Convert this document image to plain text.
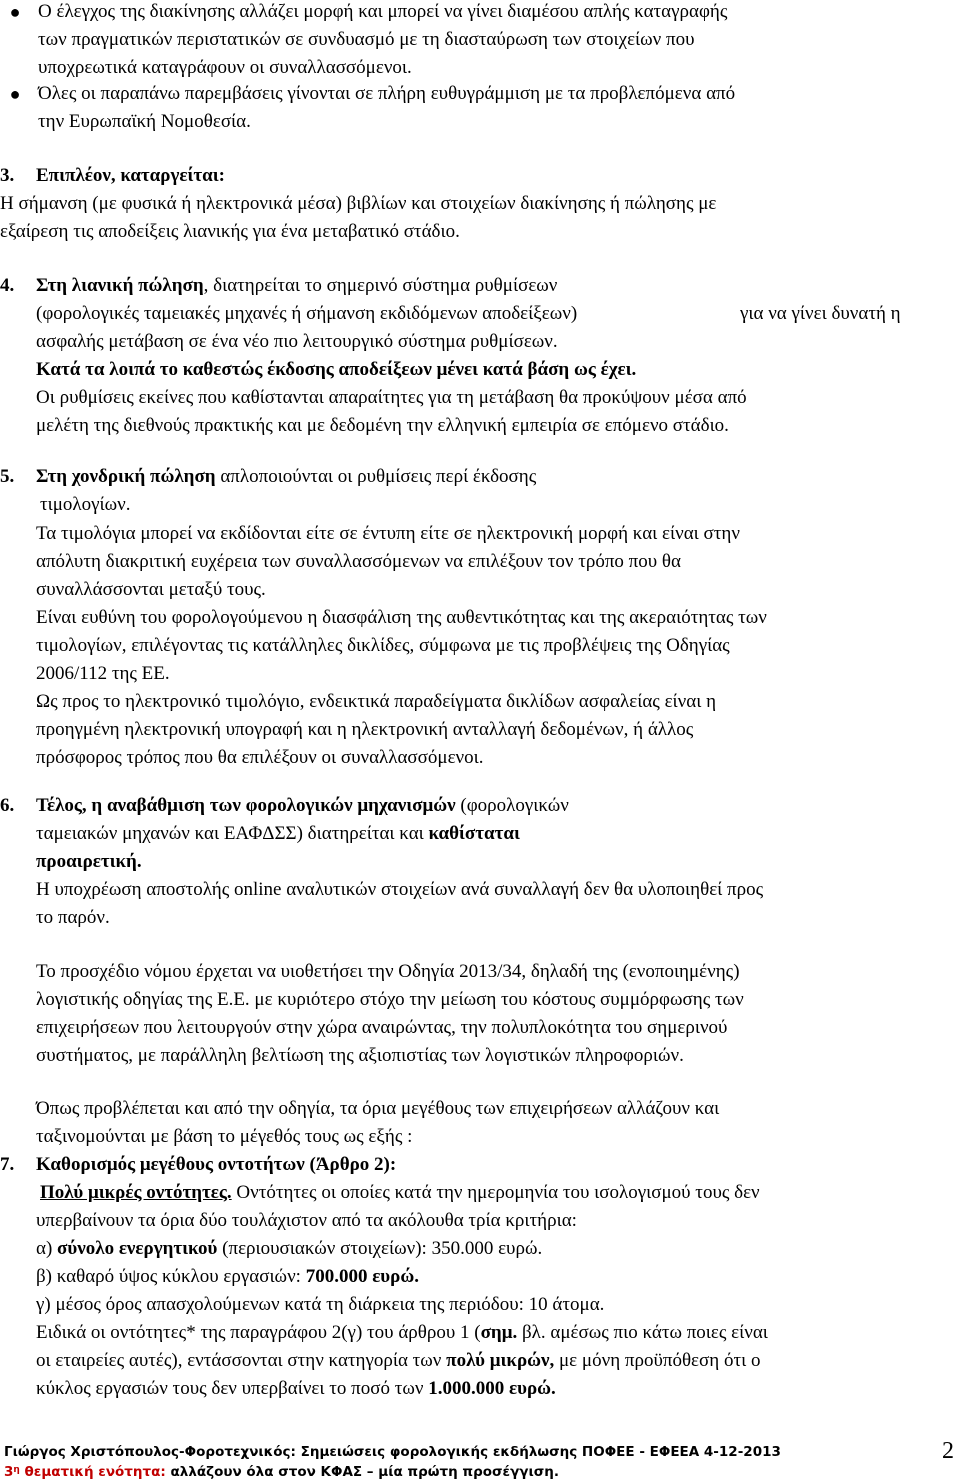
● Ο έλεγχος της διακίνησης αλλάζει μορφή και μπορεί να γίνει διαμέσου απλής καταγραφής
των πραγματικών περιστατικών σε συνδυασμό με τη διασταύρωση των στοιχείων που
υποχρεωτικά καταγράφουν οι συναλλασσόμενοι.
● Όλες οι παραπάνω παρεμβάσεις γίνονται σε πλήρη ευθυγράμμιση με τα προβλεπόμενα από
την Ευρωπαϊκή Νομοθεσία.
3. Επιπλέον, καταργείται:
Η σήμανση (με φυσικά ή ηλεκτρονικά μέσα) βιβλίων και στοιχείων διακίνησης ή πώλησης με
εξαίρεση τις αποδείξεις λιανικής για ένα μεταβατικό στάδιο.
4. Στη λιανική πώληση, διατηρείται το σημερινό σύστημα ρυθμίσεων
(φορολογικές ταμειακές μηχανές ή σήμανση εκδιδόμενων αποδείξεων)	για να γίνει δυνατή η
ασφαλής μετάβαση σε ένα νέο πιο λειτουργικό σύστημα ρυθμίσεων.
Κατά τα λοιπά το καθεστώς έκδοσης αποδείξεων μένει κατά βάση ως έχει.
Οι ρυθμίσεις εκείνες που καθίστανται απαραίτητες για τη μετάβαση θα προκύψουν μέσα από
μελέτη της διεθνούς πρακτικής και με δεδομένη την ελληνική εμπειρία σε επόμενο στάδιο.
5. Στη χονδρική πώληση απλοποιούνται οι ρυθμίσεις περί έκδοσης
τιμολογίων.
Τα τιμολόγια μπορεί να εκδίδονται είτε σε έντυπη είτε σε ηλεκτρονική μορφή και είναι στην
απόλυτη διακριτική ευχέρεια των συναλλασσόμενων να επιλέξουν τον τρόπο που θα
συναλλάσσονται μεταξύ τους.
Είναι ευθύνη του φορολογούμενου η διασφάλιση της αυθεντικότητας και της ακεραιότητας των
τιμολογίων, επιλέγοντας τις κατάλληλες δικλίδες, σύμφωνα με τις προβλέψεις της Οδηγίας
2006/112 της ΕΕ.
Ως προς το ηλεκτρονικό τιμολόγιο, ενδεικτικά παραδείγματα δικλίδων ασφαλείας είναι η
προηγμένη ηλεκτρονική υπογραφή και η ηλεκτρονική ανταλλαγή δεδομένων, ή άλλος
πρόσφορος τρόπος που θα επιλέξουν οι συναλλασσόμενοι.
6. Τέλος, η αναβάθμιση των φορολογικών μηχανισμών (φορολογικών
ταμειακών μηχανών και ΕΑΦΔΣΣ) διατηρείται και καθίσταται
προαιρετική.
Η υποχρέωση αποστολής online αναλυτικών στοιχείων ανά συναλλαγή δεν θα υλοποιηθεί προς
το παρόν.
Το προσχέδιο νόμου έρχεται να υιοθετήσει την Οδηγία 2013/34, δηλαδή της (ενοποιημένης)
λογιστικής οδηγίας της Ε.Ε. με κυριότερο στόχο την μείωση του κόστους συμμόρφωσης των
επιχειρήσεων που λειτουργούν στην χώρα αναιρώντας, την πολυπλοκότητα του σημερινού
συστήματος, με παράλληλη βελτίωση της αξιοπιστίας των λογιστικών πληροφοριών.
Όπως προβλέπεται και από την οδηγία, τα όρια μεγέθους των επιχειρήσεων αλλάζουν και
ταξινομούνται με βάση το μέγεθός τους ως εξής :
7. Καθορισμός μεγέθους οντοτήτων (Άρθρο 2):
Πολύ μικρές οντότητες. Οντότητες οι οποίες κατά την ημερομηνία του ισολογισμού τους δεν
υπερβαίνουν τα όρια δύο τουλάχιστον από τα ακόλουθα τρία κριτήρια:
α) σύνολο ενεργητικού (περιουσιακών στοιχείων): 350.000 ευρώ.
β) καθαρό ύψος κύκλου εργασιών: 700.000 ευρώ.
γ) μέσος όρος απασχολούμενων κατά τη διάρκεια της περιόδου: 10 άτομα.
Ειδικά οι οντότητες* της παραγράφου 2(γ) του άρθρου 1 (σημ. βλ. αμέσως πιο κάτω ποιες είναι
οι εταιρείες αυτές), εντάσσονται στην κατηγορία των πολύ μικρών, με μόνη προϋπόθεση ότι ο
κύκλος εργασιών τους δεν υπερβαίνει το ποσό των 1.000.000 ευρώ.
Γιώργος Χριστόπουλος-Φοροτεχνικός: Σημειώσεις φορολογικής εκδήλωσης ΠΟΦΕΕ - ΕΦΕΕΑ 4-12-2013
$3^\eta$ θεματική ενότητα: αλλάζουν όλα στον ΚΦΑΣ – μία πρώτη προσέγγιση.
2
